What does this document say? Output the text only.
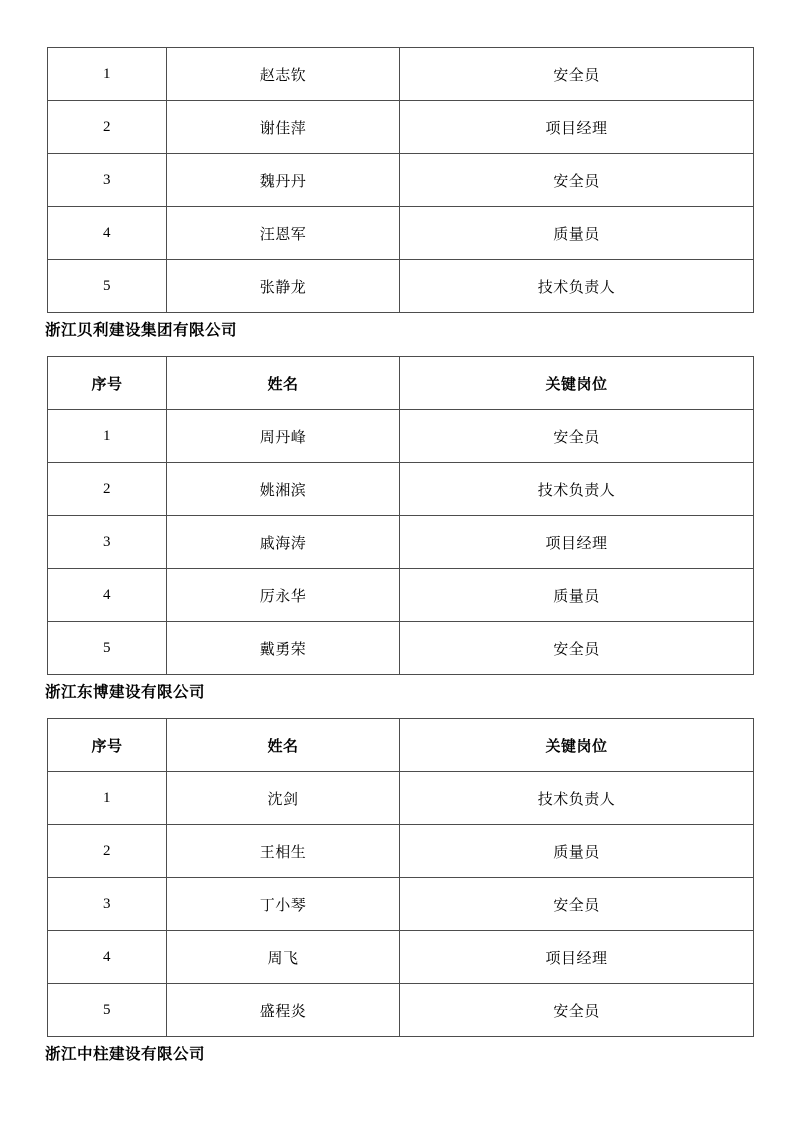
1	赵志钦	安全员
2	谢佳萍	项目经理
3	魏丹丹	安全员
4	汪恩军	质量员
5	张静龙	技术负责人
浙江贝利建设集团有限公司
序号	姓名	关键岗位
1	周丹峰	安全员
2	姚湘滨	技术负责人
3	戚海涛	项目经理
4	厉永华	质量员
5	戴勇荣	安全员
浙江东博建设有限公司
序号	姓名	关键岗位
1	沈剑	技术负责人
2	王相生	质量员
3	丁小琴	安全员
4	周飞	项目经理
5	盛程炎	安全员
浙江中柱建设有限公司
